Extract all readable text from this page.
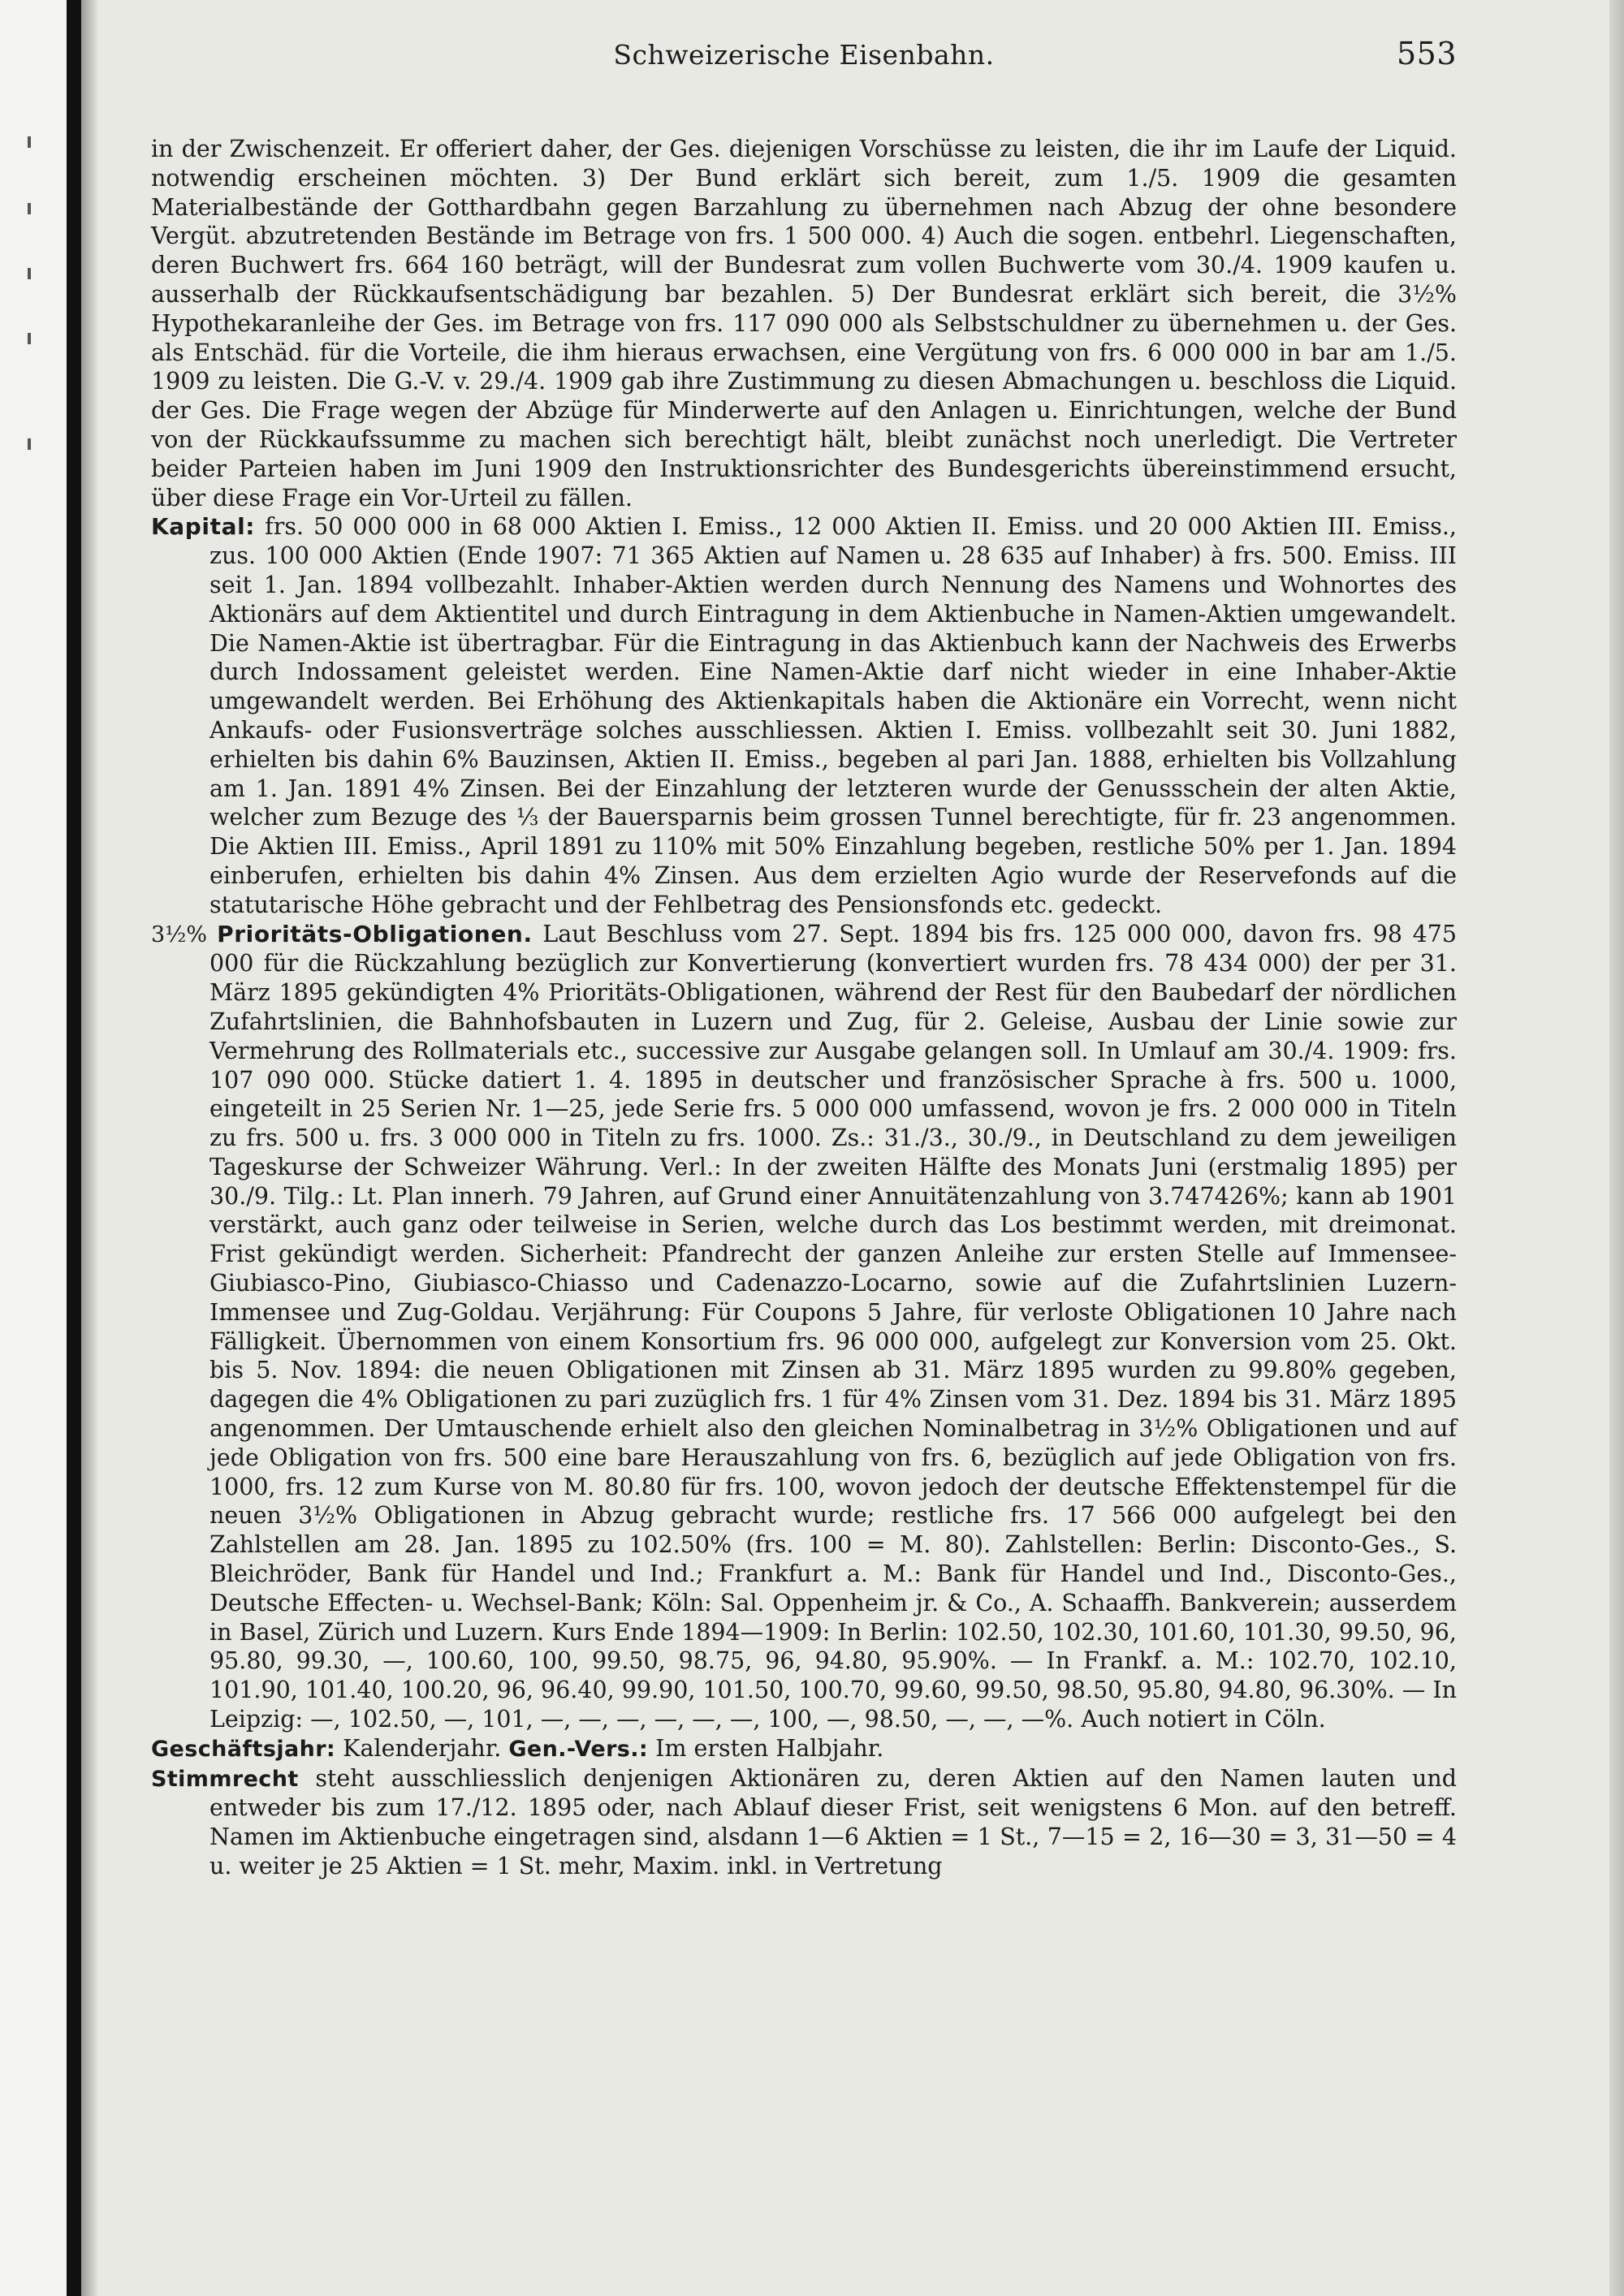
Schweizerische Eisenbahn.	553

in der Zwischenzeit. Er offeriert daher, der Ges. diejenigen Vorschüsse zu leisten, die ihr im Laufe der Liquid. notwendig erscheinen möchten. 3) Der Bund erklärt sich bereit, zum 1./5. 1909 die gesamten Materialbestände der Gotthardbahn gegen Barzahlung zu übernehmen nach Abzug der ohne besondere Vergüt. abzutretenden Bestände im Betrage von frs. 1 500 000. 4) Auch die sogen. entbehrl. Liegenschaften, deren Buchwert frs. 664 160 beträgt, will der Bundesrat zum vollen Buchwerte vom 30./4. 1909 kaufen u. ausserhalb der Rückkaufsentschädigung bar bezahlen. 5) Der Bundesrat erklärt sich bereit, die 3½% Hypothekaranleihe der Ges. im Betrage von frs. 117 090 000 als Selbstschuldner zu übernehmen u. der Ges. als Entschäd. für die Vorteile, die ihm hieraus erwachsen, eine Vergütung von frs. 6 000 000 in bar am 1./5. 1909 zu leisten. Die G.-V. v. 29./4. 1909 gab ihre Zustimmung zu diesen Abmachungen u. beschloss die Liquid. der Ges. Die Frage wegen der Abzüge für Minderwerte auf den Anlagen u. Einrichtungen, welche der Bund von der Rückkaufssumme zu machen sich berechtigt hält, bleibt zunächst noch unerledigt. Die Vertreter beider Parteien haben im Juni 1909 den Instruktionsrichter des Bundesgerichts übereinstimmend ersucht, über diese Frage ein Vor-Urteil zu fällen.

Kapital: frs. 50 000 000 in 68 000 Aktien I. Emiss., 12 000 Aktien II. Emiss. und 20 000 Aktien III. Emiss., zus. 100 000 Aktien (Ende 1907: 71 365 Aktien auf Namen u. 28 635 auf Inhaber) à frs. 500. Emiss. III seit 1. Jan. 1894 vollbezahlt. Inhaber-Aktien werden durch Nennung des Namens und Wohnortes des Aktionärs auf dem Aktientitel und durch Eintragung in dem Aktienbuche in Namen-Aktien umgewandelt. Die Namen-Aktie ist übertragbar. Für die Eintragung in das Aktienbuch kann der Nachweis des Erwerbs durch Indossament geleistet werden. Eine Namen-Aktie darf nicht wieder in eine Inhaber-Aktie umgewandelt werden. Bei Erhöhung des Aktienkapitals haben die Aktionäre ein Vorrecht, wenn nicht Ankaufs- oder Fusionsverträge solches ausschliessen. Aktien I. Emiss. vollbezahlt seit 30. Juni 1882, erhielten bis dahin 6% Bauzinsen, Aktien II. Emiss., begeben al pari Jan. 1888, erhielten bis Vollzahlung am 1. Jan. 1891 4% Zinsen. Bei der Einzahlung der letzteren wurde der Genussschein der alten Aktie, welcher zum Bezuge des ⅓ der Bauersparnis beim grossen Tunnel berechtigte, für fr. 23 angenommen. Die Aktien III. Emiss., April 1891 zu 110% mit 50% Einzahlung begeben, restliche 50% per 1. Jan. 1894 einberufen, erhielten bis dahin 4% Zinsen. Aus dem erzielten Agio wurde der Reservefonds auf die statutarische Höhe gebracht und der Fehlbetrag des Pensionsfonds etc. gedeckt.

3½% Prioritäts-Obligationen. Laut Beschluss vom 27. Sept. 1894 bis frs. 125 000 000, davon frs. 98 475 000 für die Rückzahlung bezüglich zur Konvertierung (konvertiert wurden frs. 78 434 000) der per 31. März 1895 gekündigten 4% Prioritäts-Obligationen, während der Rest für den Baubedarf der nördlichen Zufahrtslinien, die Bahnhofsbauten in Luzern und Zug, für 2. Geleise, Ausbau der Linie sowie zur Vermehrung des Rollmaterials etc., successive zur Ausgabe gelangen soll. In Umlauf am 30./4. 1909: frs. 107 090 000. Stücke datiert 1. 4. 1895 in deutscher und französischer Sprache à frs. 500 u. 1000, eingeteilt in 25 Serien Nr. 1—25, jede Serie frs. 5 000 000 umfassend, wovon je frs. 2 000 000 in Titeln zu frs. 500 u. frs. 3 000 000 in Titeln zu frs. 1000. Zs.: 31./3., 30./9., in Deutschland zu dem jeweiligen Tageskurse der Schweizer Währung. Verl.: In der zweiten Hälfte des Monats Juni (erstmalig 1895) per 30./9. Tilg.: Lt. Plan innerh. 79 Jahren, auf Grund einer Annuitätenzahlung von 3.747426%; kann ab 1901 verstärkt, auch ganz oder teilweise in Serien, welche durch das Los bestimmt werden, mit dreimonat. Frist gekündigt werden. Sicherheit: Pfandrecht der ganzen Anleihe zur ersten Stelle auf Immensee-Giubiasco-Pino, Giubiasco-Chiasso und Cadenazzo-Locarno, sowie auf die Zufahrtslinien Luzern-Immensee und Zug-Goldau. Verjährung: Für Coupons 5 Jahre, für verloste Obligationen 10 Jahre nach Fälligkeit. Übernommen von einem Konsortium frs. 96 000 000, aufgelegt zur Konversion vom 25. Okt. bis 5. Nov. 1894: die neuen Obligationen mit Zinsen ab 31. März 1895 wurden zu 99.80% gegeben, dagegen die 4% Obligationen zu pari zuzüglich frs. 1 für 4% Zinsen vom 31. Dez. 1894 bis 31. März 1895 angenommen. Der Umtauschende erhielt also den gleichen Nominalbetrag in 3½% Obligationen und auf jede Obligation von frs. 500 eine bare Herauszahlung von frs. 6, bezüglich auf jede Obligation von frs. 1000, frs. 12 zum Kurse von M. 80.80 für frs. 100, wovon jedoch der deutsche Effektenstempel für die neuen 3½% Obligationen in Abzug gebracht wurde; restliche frs. 17 566 000 aufgelegt bei den Zahlstellen am 28. Jan. 1895 zu 102.50% (frs. 100 = M. 80). Zahlstellen: Berlin: Disconto-Ges., S. Bleichröder, Bank für Handel und Ind.; Frankfurt a. M.: Bank für Handel und Ind., Disconto-Ges., Deutsche Effecten- u. Wechsel-Bank; Köln: Sal. Oppenheim jr. & Co., A. Schaaffh. Bankverein; ausserdem in Basel, Zürich und Luzern. Kurs Ende 1894—1909: In Berlin: 102.50, 102.30, 101.60, 101.30, 99.50, 96, 95.80, 99.30, —, 100.60, 100, 99.50, 98.75, 96, 94.80, 95.90%. — In Frankf. a. M.: 102.70, 102.10, 101.90, 101.40, 100.20, 96, 96.40, 99.90, 101.50, 100.70, 99.60, 99.50, 98.50, 95.80, 94.80, 96.30%. — In Leipzig: —, 102.50, —, 101, —, —, —, —, —, —, 100, —, 98.50, —, —, —%. Auch notiert in Cöln.

Geschäftsjahr: Kalenderjahr. Gen.-Vers.: Im ersten Halbjahr.

Stimmrecht steht ausschliesslich denjenigen Aktionären zu, deren Aktien auf den Namen lauten und entweder bis zum 17./12. 1895 oder, nach Ablauf dieser Frist, seit wenigstens 6 Mon. auf den betreff. Namen im Aktienbuche eingetragen sind, alsdann 1—6 Aktien = 1 St., 7—15 = 2, 16—30 = 3, 31—50 = 4 u. weiter je 25 Aktien = 1 St. mehr, Maxim. inkl. in Vertretung
